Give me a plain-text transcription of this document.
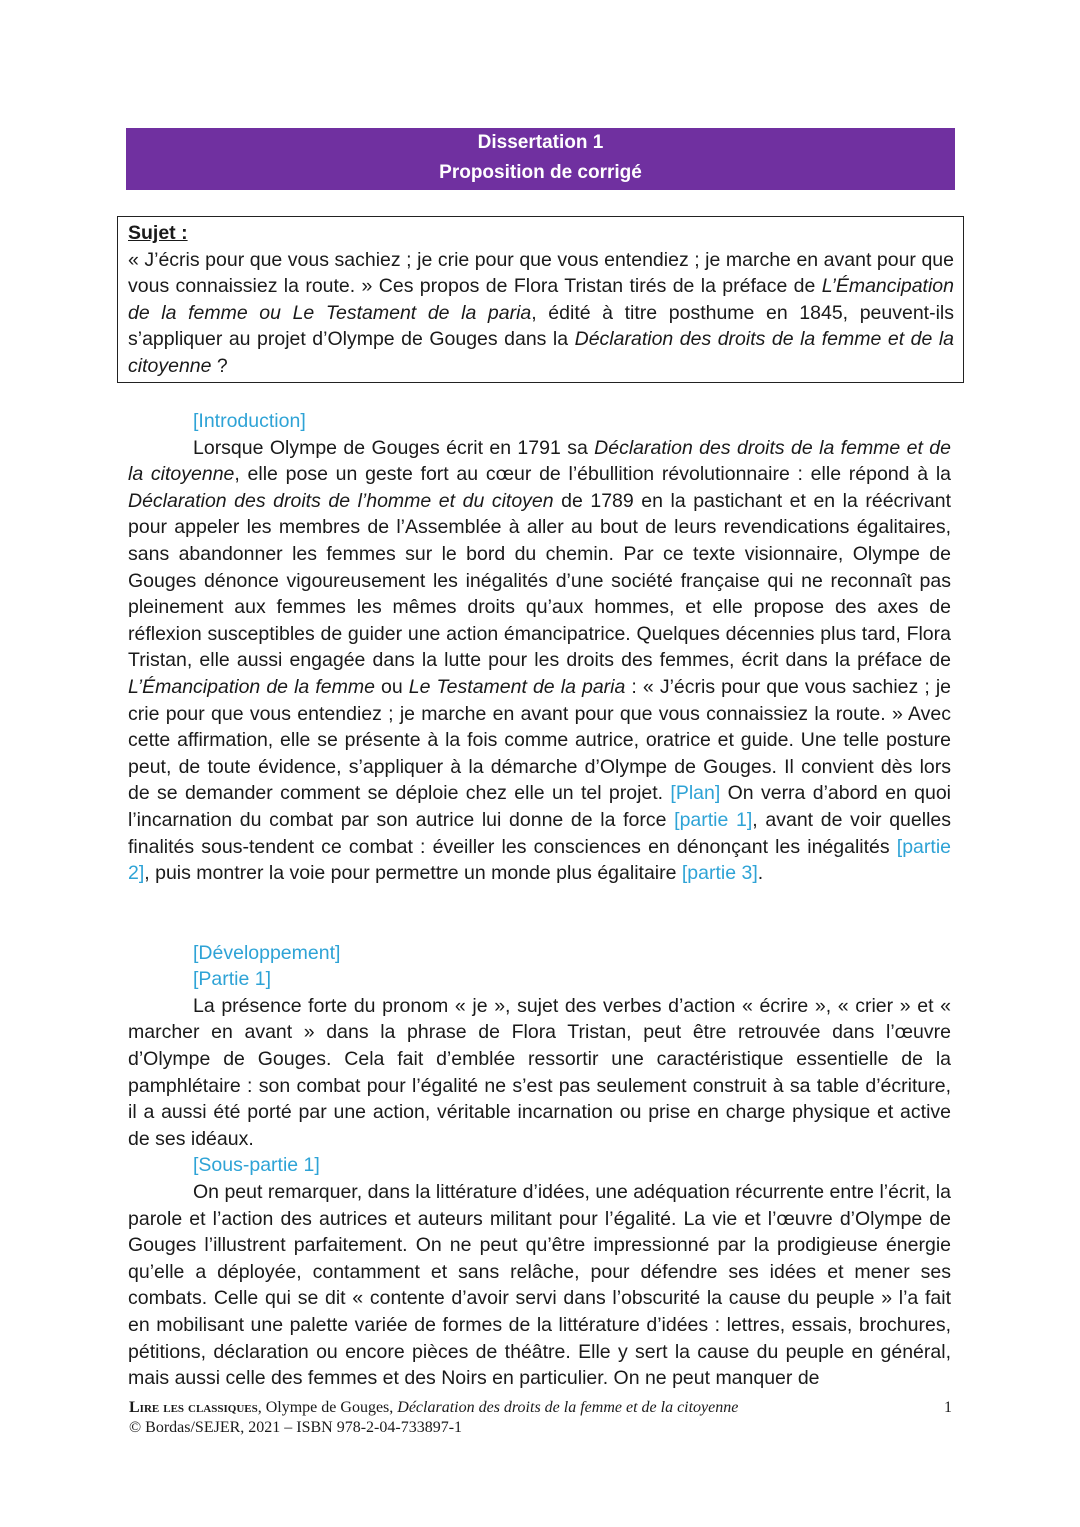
Dissertation 1
Proposition de corrigé
Sujet :
« J’écris pour que vous sachiez ; je crie pour que vous entendiez ; je marche en avant pour que vous connaissiez la route. » Ces propos de Flora Tristan tirés de la préface de L’Émancipation de la femme ou Le Testament de la paria, édité à titre posthume en 1845, peuvent-ils s’appliquer au projet d’Olympe de Gouges dans la Déclaration des droits de la femme et de la citoyenne ?
[Introduction]

Lorsque Olympe de Gouges écrit en 1791 sa Déclaration des droits de la femme et de la citoyenne, elle pose un geste fort au cœur de l’ébullition révolutionnaire : elle répond à la Déclaration des droits de l’homme et du citoyen de 1789 en la pastichant et en la réécrivant pour appeler les membres de l’Assemblée à aller au bout de leurs revendications égalitaires, sans abandonner les femmes sur le bord du chemin. Par ce texte visionnaire, Olympe de Gouges dénonce vigoureusement les inégalités d’une société française qui ne reconnaît pas pleinement aux femmes les mêmes droits qu’aux hommes, et elle propose des axes de réflexion susceptibles de guider une action émancipatrice. Quelques décennies plus tard, Flora Tristan, elle aussi engagée dans la lutte pour les droits des femmes, écrit dans la préface de L’Émancipation de la femme ou Le Testament de la paria : « J’écris pour que vous sachiez ; je crie pour que vous entendiez ; je marche en avant pour que vous connaissiez la route. » Avec cette affirmation, elle se présente à la fois comme autrice, oratrice et guide. Une telle posture peut, de toute évidence, s’appliquer à la démarche d’Olympe de Gouges. Il convient dès lors de se demander comment se déploie chez elle un tel projet. [Plan] On verra d’abord en quoi l’incarnation du combat par son autrice lui donne de la force [partie 1], avant de voir quelles finalités sous-tendent ce combat : éveiller les consciences en dénonçant les inégalités [partie 2], puis montrer la voie pour permettre un monde plus égalitaire [partie 3].

[Développement]
[Partie 1]

La présence forte du pronom « je », sujet des verbes d’action « écrire », « crier » et « marcher en avant » dans la phrase de Flora Tristan, peut être retrouvée dans l’œuvre d’Olympe de Gouges. Cela fait d’emblée ressortir une caractéristique essentielle de la pamphlétaire : son combat pour l’égalité ne s’est pas seulement construit à sa table d’écriture, il a aussi été porté par une action, véritable incarnation ou prise en charge physique et active de ses idéaux.

[Sous-partie 1]

On peut remarquer, dans la littérature d’idées, une adéquation récurrente entre l’écrit, la parole et l’action des autrices et auteurs militant pour l’égalité. La vie et l’œuvre d’Olympe de Gouges l’illustrent parfaitement. On ne peut qu’être impressionné par la prodigieuse énergie qu’elle a déployée, contamment et sans relâche, pour défendre ses idées et mener ses combats. Celle qui se dit « contente d’avoir servi dans l’obscurité la cause du peuple » l’a fait en mobilisant une palette variée de formes de la littérature d’idées : lettres, essais, brochures, pétitions, déclaration ou encore pièces de théâtre. Elle y sert la cause du peuple en général, mais aussi celle des femmes et des Noirs en particulier. On ne peut manquer de

Lire les classiques, Olympe de Gouges, Déclaration des droits de la femme et de la citoyenne	1
© Bordas/SEJER, 2021 – ISBN 978-2-04-733897-1
